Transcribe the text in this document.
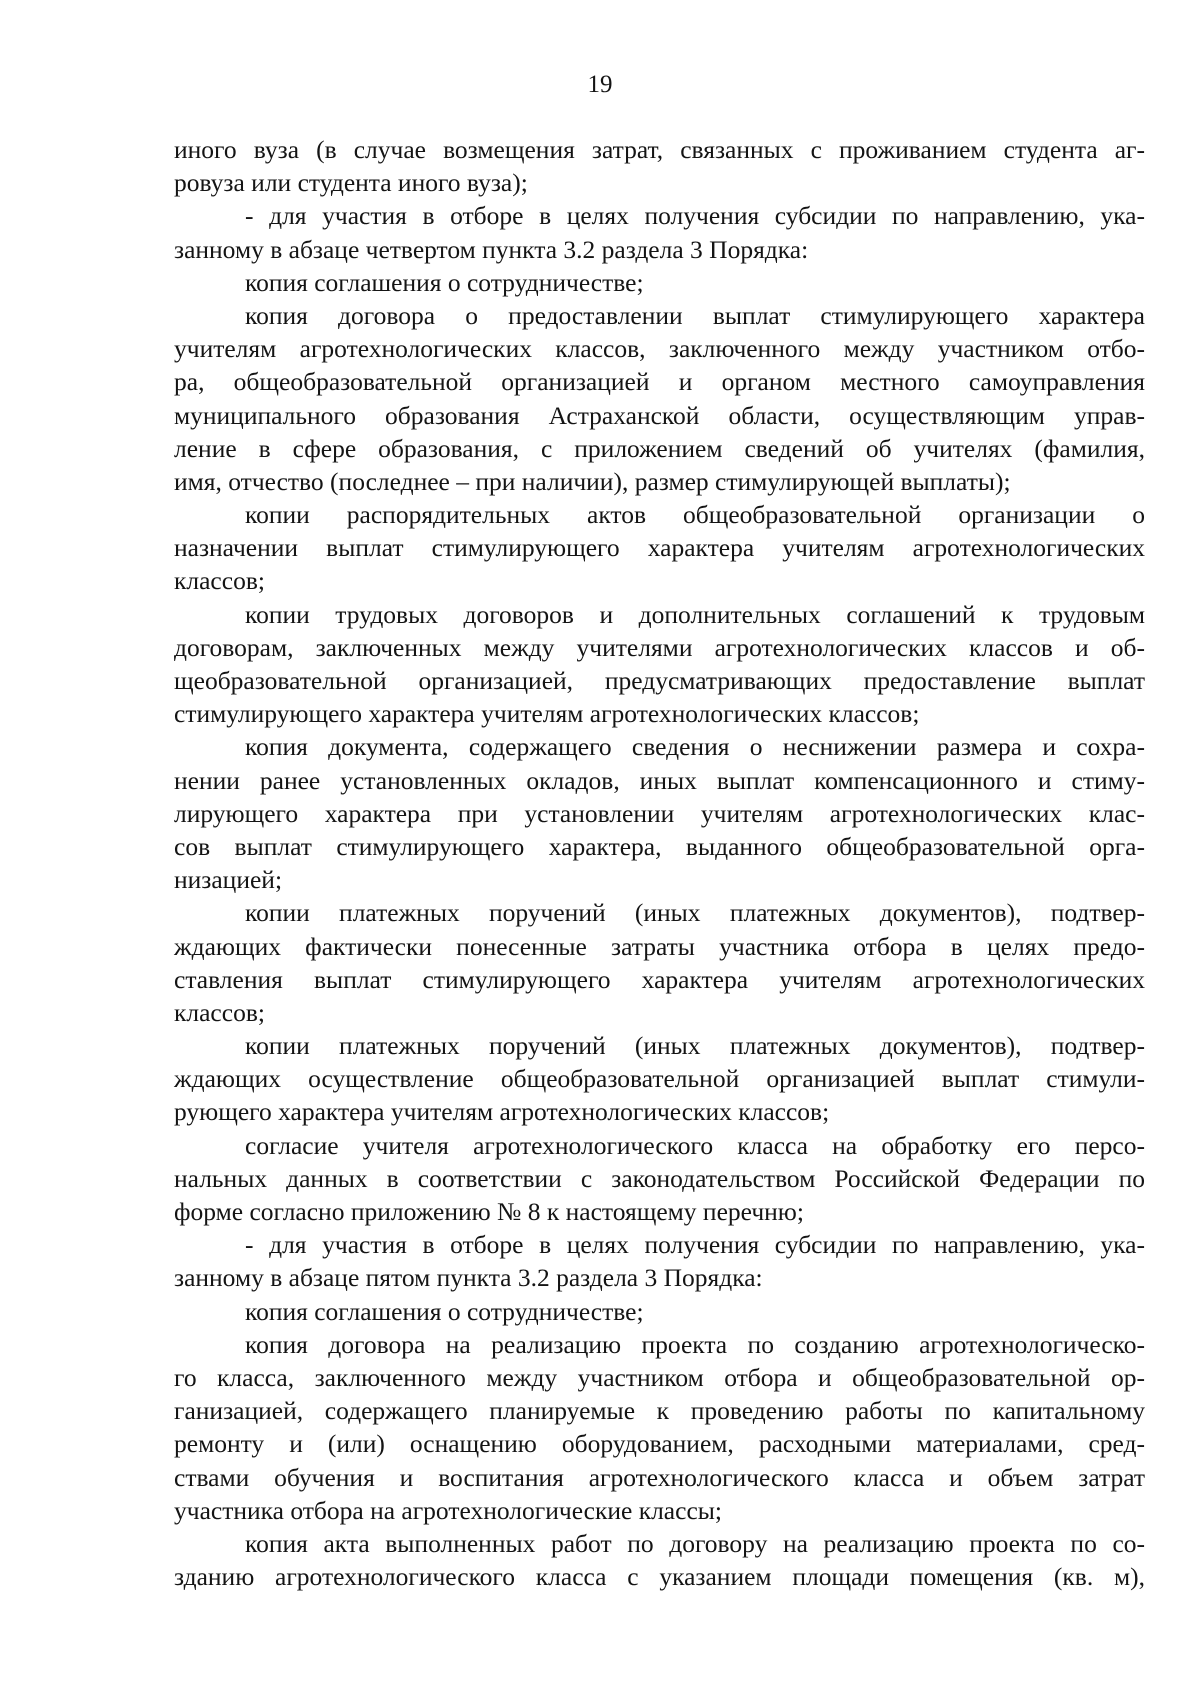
19
иного вуза (в случае возмещения затрат, связанных с проживанием студента аг-
ровуза или студента иного вуза);
- для участия в отборе в целях получения субсидии по направлению, ука-
занному в абзаце четвертом пункта 3.2 раздела 3 Порядка:
копия соглашения о сотрудничестве;
копия договора о предоставлении выплат стимулирующего характера
учителям агротехнологических классов, заключенного между участником отбо-
ра, общеобразовательной организацией и органом местного самоуправления
муниципального образования Астраханской области, осуществляющим управ-
ление в сфере образования, с приложением сведений об учителях (фамилия,
имя, отчество (последнее – при наличии), размер стимулирующей выплаты);
копии распорядительных актов общеобразовательной организации о
назначении выплат стимулирующего характера учителям агротехнологических
классов;
копии трудовых договоров и дополнительных соглашений к трудовым
договорам, заключенных между учителями агротехнологических классов и об-
щеобразовательной организацией, предусматривающих предоставление выплат
стимулирующего характера учителям агротехнологических классов;
копия документа, содержащего сведения о неснижении размера и сохра-
нении ранее установленных окладов, иных выплат компенсационного и стиму-
лирующего характера при установлении учителям агротехнологических клас-
сов выплат стимулирующего характера, выданного общеобразовательной орга-
низацией;
копии платежных поручений (иных платежных документов), подтвер-
ждающих фактически понесенные затраты участника отбора в целях предо-
ставления выплат стимулирующего характера учителям агротехнологических
классов;
копии платежных поручений (иных платежных документов), подтвер-
ждающих осуществление общеобразовательной организацией выплат стимули-
рующего характера учителям агротехнологических классов;
согласие учителя агротехнологического класса на обработку его персо-
нальных данных в соответствии с законодательством Российской Федерации по
форме согласно приложению № 8 к настоящему перечню;
- для участия в отборе в целях получения субсидии по направлению, ука-
занному в абзаце пятом пункта 3.2 раздела 3 Порядка:
копия соглашения о сотрудничестве;
копия договора на реализацию проекта по созданию агротехнологическо-
го класса, заключенного между участником отбора и общеобразовательной ор-
ганизацией, содержащего планируемые к проведению работы по капитальному
ремонту и (или) оснащению оборудованием, расходными материалами, сред-
ствами обучения и воспитания агротехнологического класса и объем затрат
участника отбора на агротехнологические классы;
копия акта выполненных работ по договору на реализацию проекта по со-
зданию агротехнологического класса с указанием площади помещения (кв. м),
